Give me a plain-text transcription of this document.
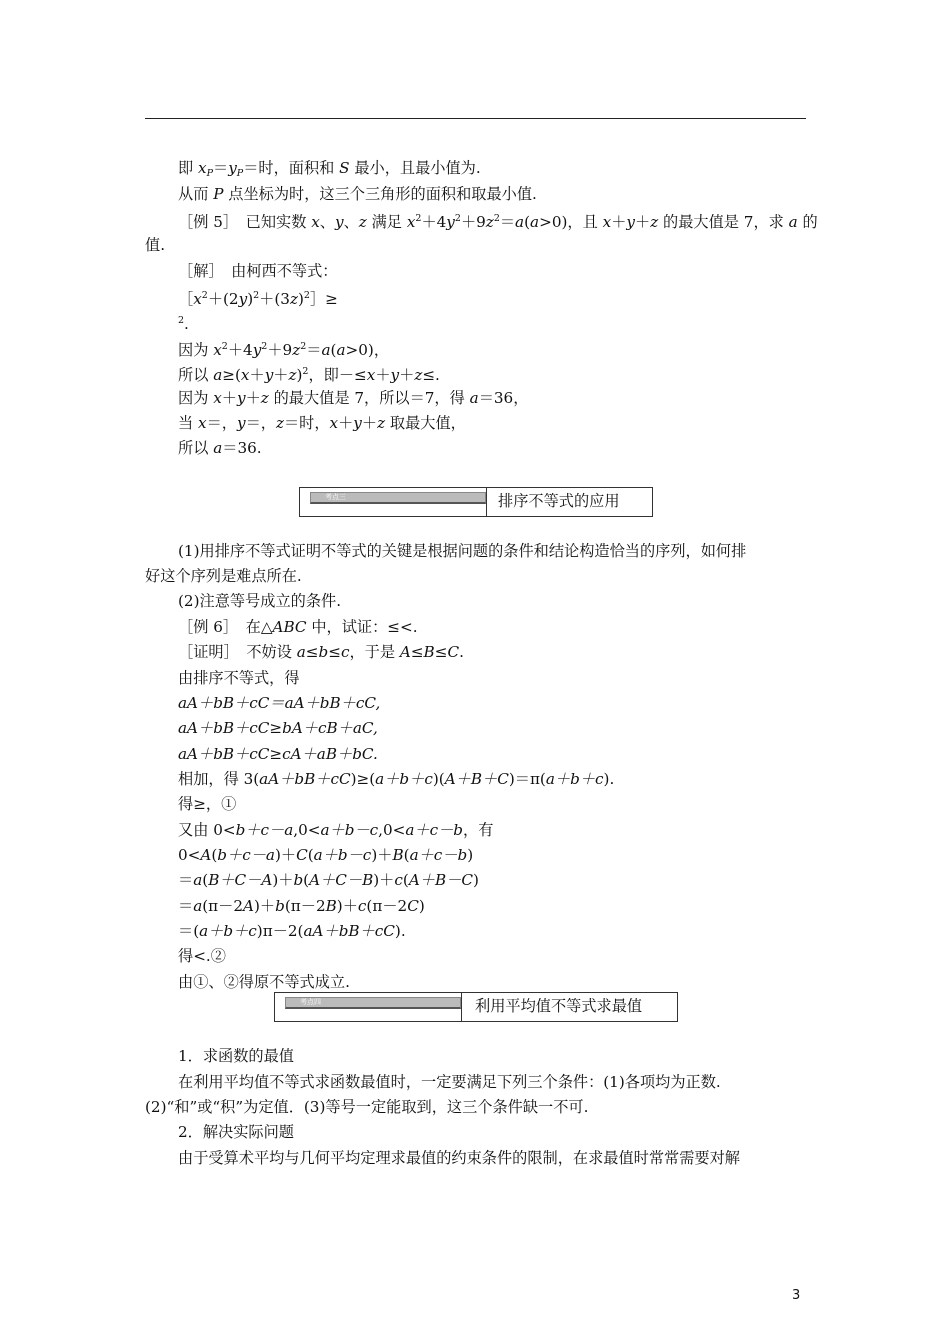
即 $x_P=y_P=$时，面积和 S 最小，且最小值为.
从而 P 点坐标为时，这三个三角形的面积和取最小值.
［例 5］　已知实数 x、y、z 满足 $x^2+4y^2+9z^2=a(a>0)$，且 x＋y＋z 的最大值是 7，求 a 的
值.
［解］　由柯西不等式：
$[x^2+(2y)^2+(3z)^2]\ge$
$^2$.
因为 $x^2+4y^2+9z^2=a(a>0)$，
所以 $a\ge(x+y+z)^2$，即－≤x＋y＋z≤.
因为 x＋y＋z 的最大值是 7，所以＝7，得 a＝36，
当 x＝，y＝，z＝时，x＋y＋z 取最大值，
所以 a＝36.
考点三	排序不等式的应用
(1)用排序不等式证明不等式的关键是根据问题的条件和结论构造恰当的序列，如何排
好这个序列是难点所在.
(2)注意等号成立的条件.
［例 6］　在△ABC 中，试证：≤<.
［证明］　不妨设 a≤b≤c，于是 A≤B≤C.
由排序不等式，得
aA＋bB＋cC＝aA＋bB＋cC,
aA＋bB＋cC≥bA＋cB＋aC,
aA＋bB＋cC≥cA＋aB＋bC.
相加，得 3(aA＋bB＋cC)≥(a＋b＋c)(A＋B＋C)＝π(a＋b＋c).
得≥，①
又由 0<b＋c－a,0<a＋b－c,0<a＋c－b，有
0<A(b＋c－a)＋C(a＋b－c)＋B(a＋c－b)
＝a(B＋C－A)＋b(A＋C－B)＋c(A＋B－C)
＝a(π－2A)＋b(π－2B)＋c(π－2C)
＝(a＋b＋c)π－2(aA＋bB＋cC).
得<.②
由①、②得原不等式成立.
考点四	利用平均值不等式求最值
1．求函数的最值
在利用平均值不等式求函数最值时，一定要满足下列三个条件：(1)各项均为正数.
(2)“和”或“积”为定值．(3)等号一定能取到，这三个条件缺一不可.
2．解决实际问题
由于受算术平均与几何平均定理求最值的约束条件的限制，在求最值时常常需要对解
3
